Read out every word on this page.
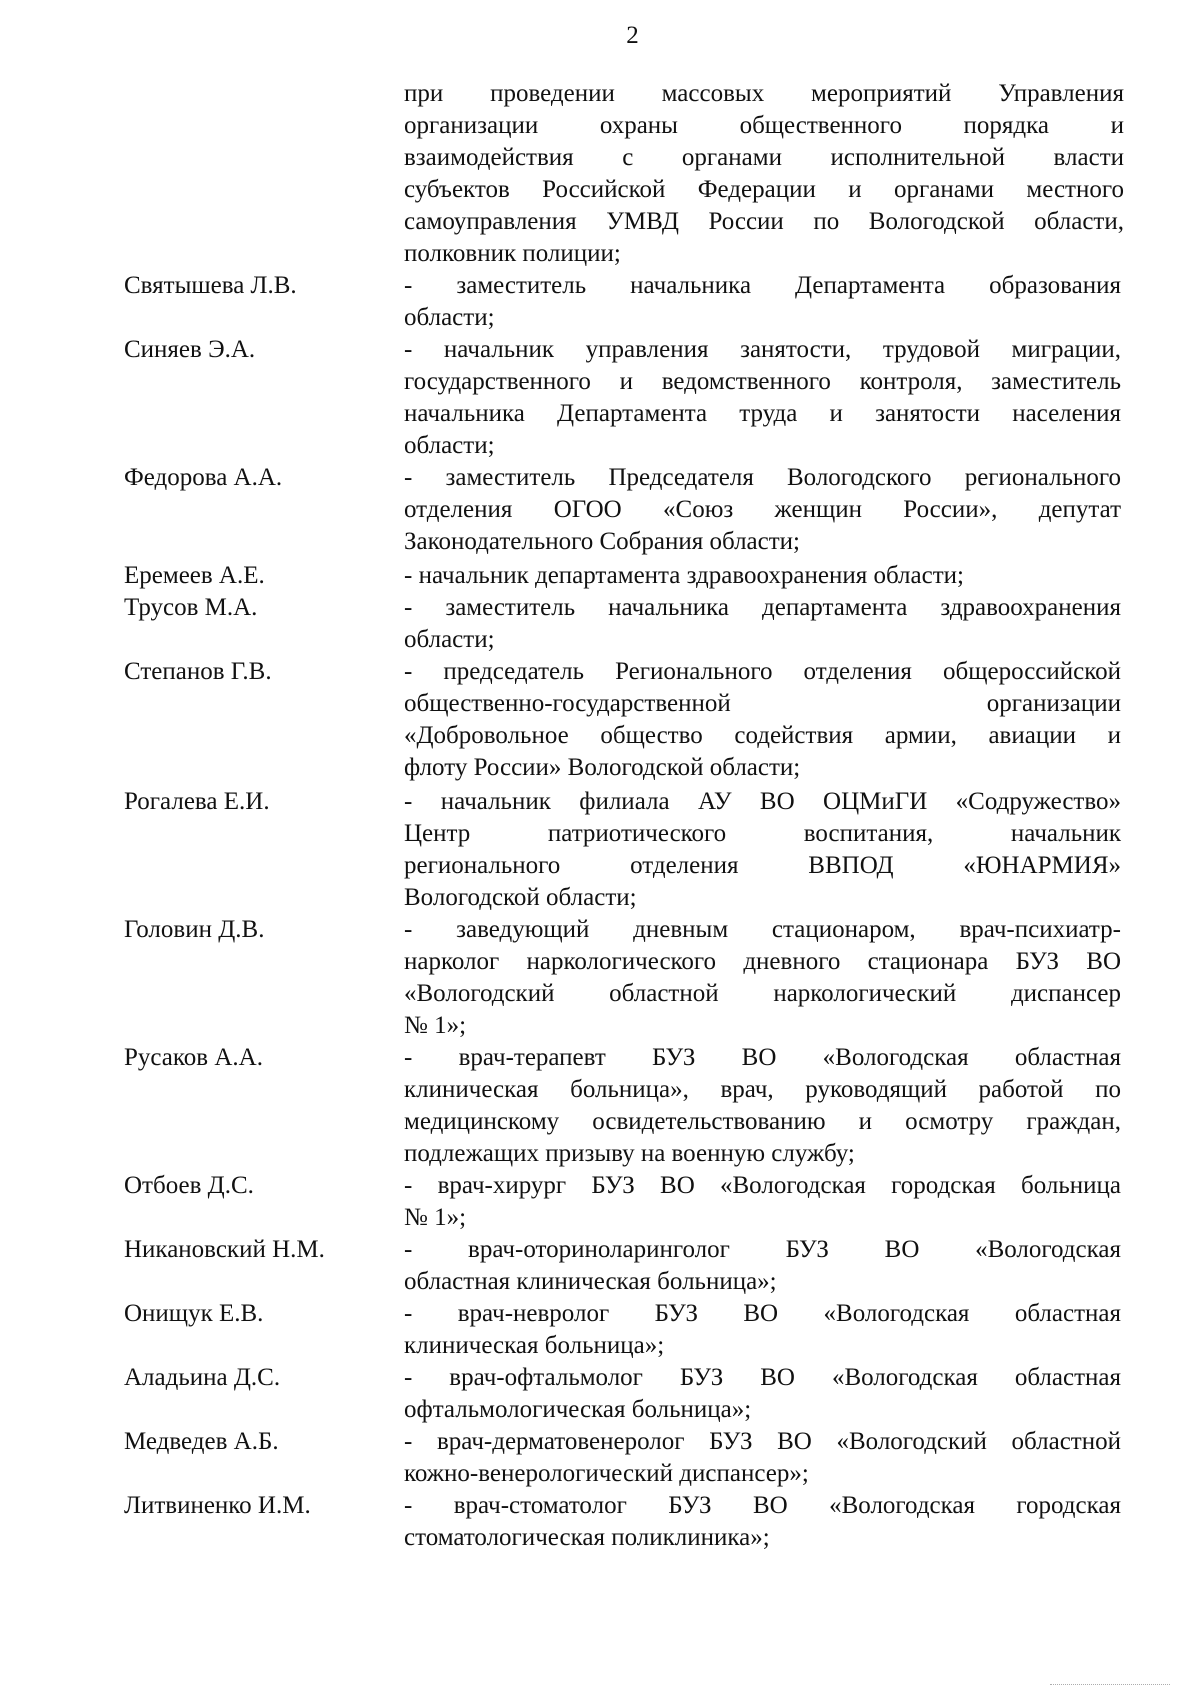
2
при проведении массовых мероприятий Управления
организации охраны общественного порядка и
взаимодействия с органами исполнительной власти
субъектов Российской Федерации и органами местного
самоуправления УМВД России по Вологодской области,
полковник полиции;
Святышева Л.В.	- заместитель начальника Департамента образования
области;
Синяев Э.А.	- начальник управления занятости, трудовой миграции,
государственного и ведомственного контроля, заместитель
начальника Департамента труда и занятости населения
области;
Федорова А.А.	- заместитель Председателя Вологодского регионального
отделения ОГОО «Союз женщин России», депутат
Законодательного Собрания области;
Еремеев А.Е.	- начальник департамента здравоохранения области;
Трусов М.А.	- заместитель начальника департамента здравоохранения
области;
Степанов Г.В.	- председатель Регионального отделения общероссийской
общественно-государственной организации
«Добровольное общество содействия армии, авиации и
флоту России» Вологодской области;
Рогалева Е.И.	- начальник филиала АУ ВО ОЦМиГИ «Содружество»
Центр патриотического воспитания, начальник
регионального отделения ВВПОД «ЮНАРМИЯ»
Вологодской области;
Головин Д.В.	- заведующий дневным стационаром, врач-психиатр-
нарколог наркологического дневного стационара БУЗ ВО
«Вологодский областной наркологический диспансер
№ 1»;
Русаков А.А.	- врач-терапевт БУЗ ВО «Вологодская областная
клиническая больница», врач, руководящий работой по
медицинскому освидетельствованию и осмотру граждан,
подлежащих призыву на военную службу;
Отбоев Д.С.	- врач-хирург БУЗ ВО «Вологодская городская больница
№ 1»;
Никановский Н.М.	- врач-оториноларинголог БУЗ ВО «Вологодская
областная клиническая больница»;
Онищук Е.В.	- врач-невролог БУЗ ВО «Вологодская областная
клиническая больница»;
Аладьина Д.С.	- врач-офтальмолог БУЗ ВО «Вологодская областная
офтальмологическая больница»;
Медведев А.Б.	- врач-дерматовенеролог БУЗ ВО «Вологодский областной
кожно-венерологический диспансер»;
Литвиненко И.М.	- врач-стоматолог БУЗ ВО «Вологодская городская
стоматологическая поликлиника»;
